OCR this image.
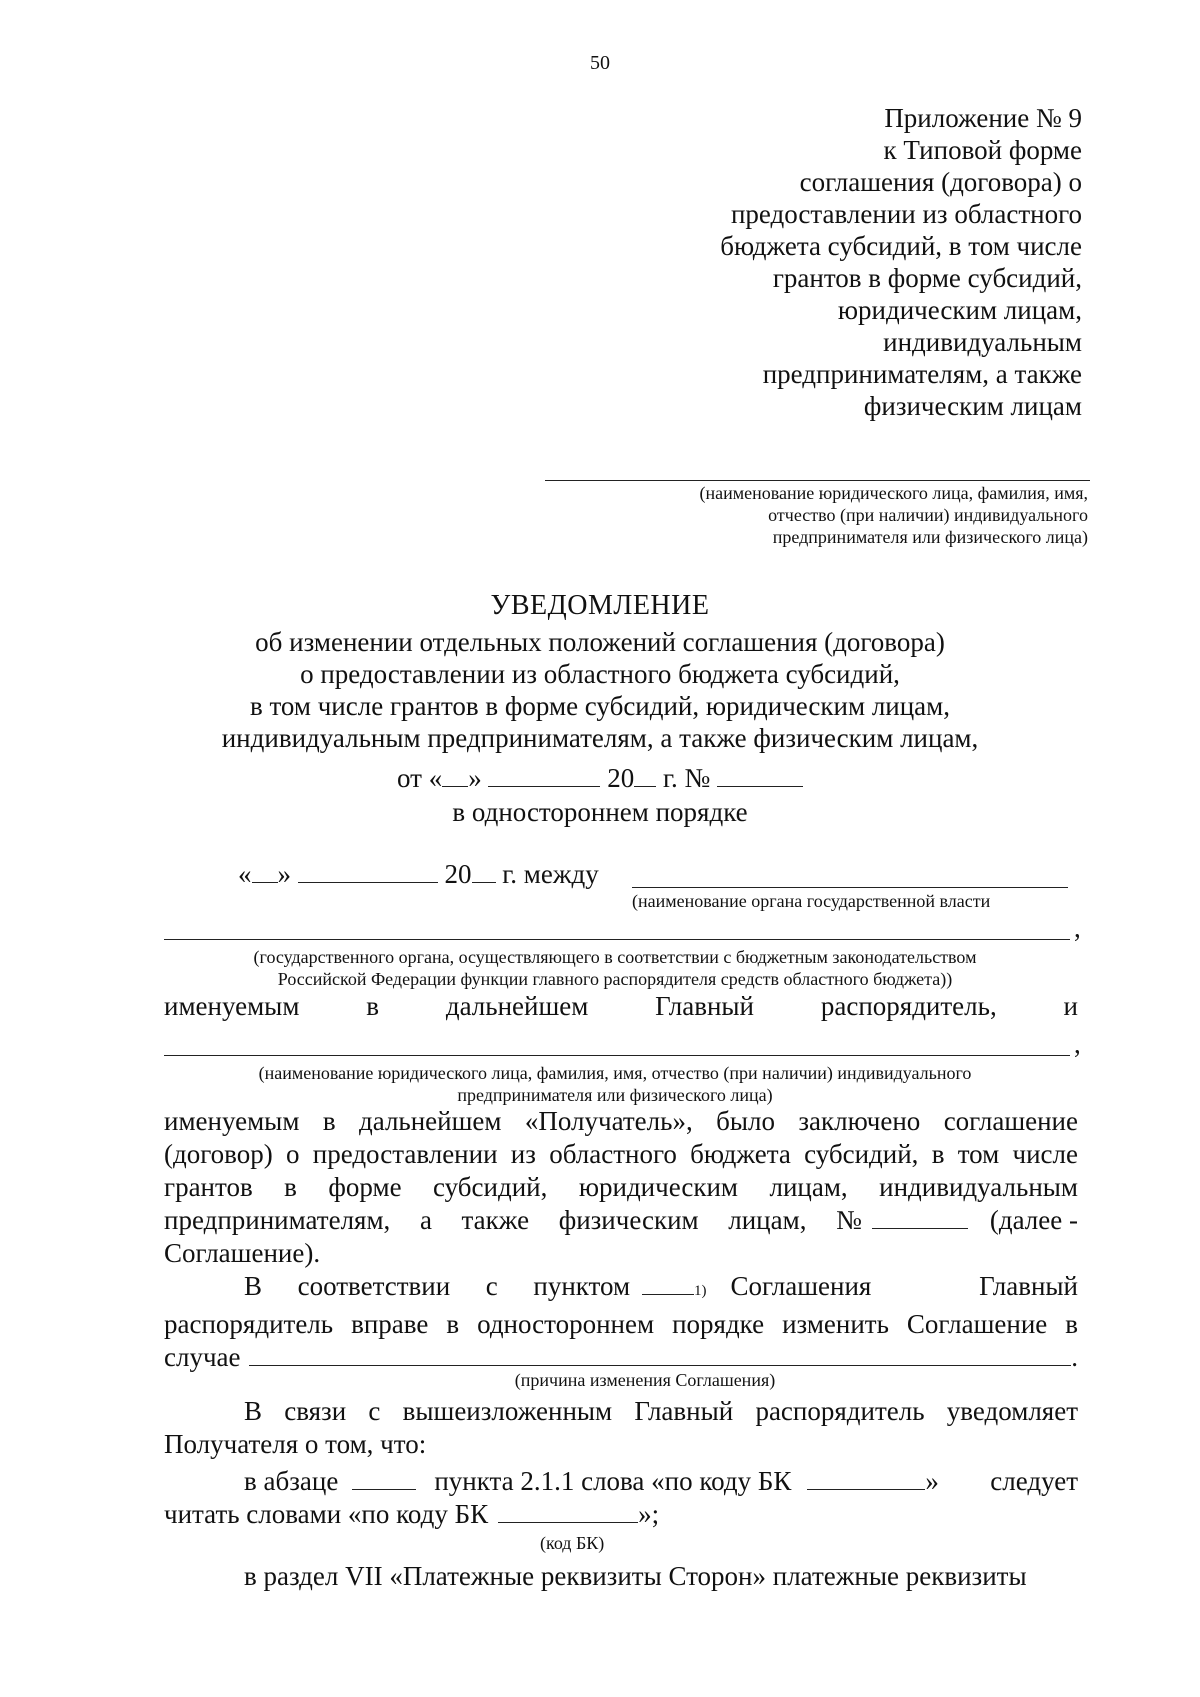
50
Приложение № 9
к Типовой форме
соглашения (договора) о
предоставлении из областного
бюджета субсидий, в том числе
грантов в форме субсидий,
юридическим лицам,
индивидуальным
предпринимателям, а также
физическим лицам
(наименование юридического лица, фамилия, имя,
отчество (при наличии) индивидуального
предпринимателя или физического лица)
УВЕДОМЛЕНИЕ
об изменении отдельных положений соглашения (договора)
о предоставлении из областного бюджета субсидий,
в том числе грантов в форме субсидий, юридическим лицам,
индивидуальным предпринимателям, а также физическим лицам,
от « »	20 г. №
в одностороннем порядке
« »	20 г. между
(наименование органа государственной власти
,
(государственного органа, осуществляющего в соответствии с бюджетным законодательством
Российской Федерации функции главного распорядителя средств областного бюджета))
именуемым в дальнейшем Главный распорядитель, и
,
(наименование юридического лица, фамилия, имя, отчество (при наличии) индивидуального
предпринимателя или физического лица)
именуемым в дальнейшем «Получатель», было заключено соглашение
(договор) о предоставлении из областного бюджета субсидий, в том числе
грантов в форме субсидий, юридическим лицам, индивидуальным
предпринимателям, а также физическим лицам, №	(далее -
Соглашение).
В соответствии с пунктом	$_{1)}$ Соглашения Главный
распорядитель вправе в одностороннем порядке изменить Соглашение в
случае	.
(причина изменения Соглашения)
В связи с вышеизложенным Главный распорядитель уведомляет
Получателя о том, что:
в абзаце	пункта 2.1.1 слова «по коду БК	» следует
читать словами «по коду БК	»;
(код БК)
в раздел VII «Платежные реквизиты Сторон» платежные реквизиты
